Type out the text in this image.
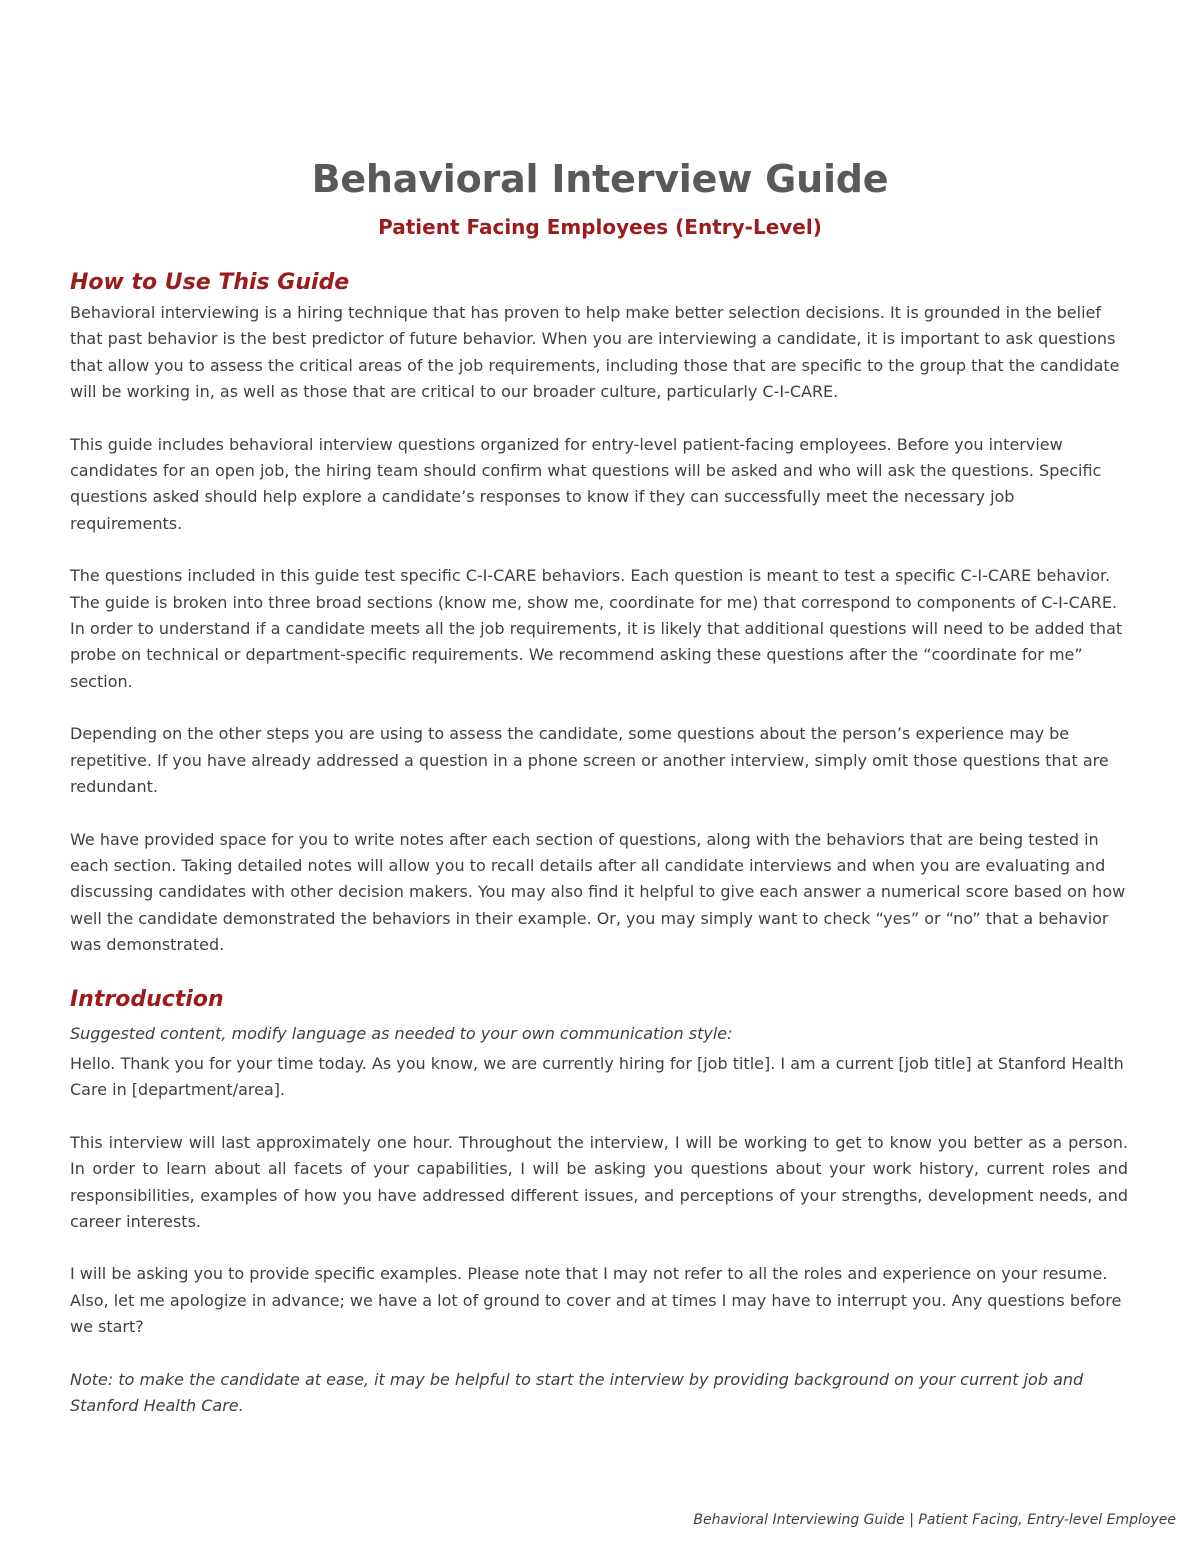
Behavioral Interview Guide
Patient Facing Employees (Entry-Level)
How to Use This Guide

Behavioral interviewing is a hiring technique that has proven to help make better selection decisions. It is grounded in the belief that past behavior is the best predictor of future behavior. When you are interviewing a candidate, it is important to ask questions that allow you to assess the critical areas of the job requirements, including those that are specific to the group that the candidate will be working in, as well as those that are critical to our broader culture, particularly C-I-CARE.

This guide includes behavioral interview questions organized for entry-level patient-facing employees. Before you interview candidates for an open job, the hiring team should confirm what questions will be asked and who will ask the questions. Specific questions asked should help explore a candidate’s responses to know if they can successfully meet the necessary job requirements.

The questions included in this guide test specific C-I-CARE behaviors. Each question is meant to test a specific C-I-CARE behavior. The guide is broken into three broad sections (know me, show me, coordinate for me) that correspond to components of C-I-CARE. In order to understand if a candidate meets all the job requirements, it is likely that additional questions will need to be added that probe on technical or department-specific requirements. We recommend asking these questions after the “coordinate for me” section.

Depending on the other steps you are using to assess the candidate, some questions about the person’s experience may be repetitive. If you have already addressed a question in a phone screen or another interview, simply omit those questions that are redundant.

We have provided space for you to write notes after each section of questions, along with the behaviors that are being tested in each section. Taking detailed notes will allow you to recall details after all candidate interviews and when you are evaluating and discussing candidates with other decision makers. You may also find it helpful to give each answer a numerical score based on how well the candidate demonstrated the behaviors in their example. Or, you may simply want to check “yes” or “no” that a behavior was demonstrated.

Introduction

Suggested content, modify language as needed to your own communication style:

Hello. Thank you for your time today. As you know, we are currently hiring for [job title]. I am a current [job title] at Stanford Health Care in [department/area].

This interview will last approximately one hour. Throughout the interview, I will be working to get to know you better as a person. In order to learn about all facets of your capabilities, I will be asking you questions about your work history, current roles and responsibilities, examples of how you have addressed different issues, and perceptions of your strengths, development needs, and career interests.

I will be asking you to provide specific examples. Please note that I may not refer to all the roles and experience on your resume. Also, let me apologize in advance; we have a lot of ground to cover and at times I may have to interrupt you. Any questions before we start?

Note: to make the candidate at ease, it may be helpful to start the interview by providing background on your current job and Stanford Health Care.

Behavioral Interviewing Guide | Patient Facing, Entry-level Employee
